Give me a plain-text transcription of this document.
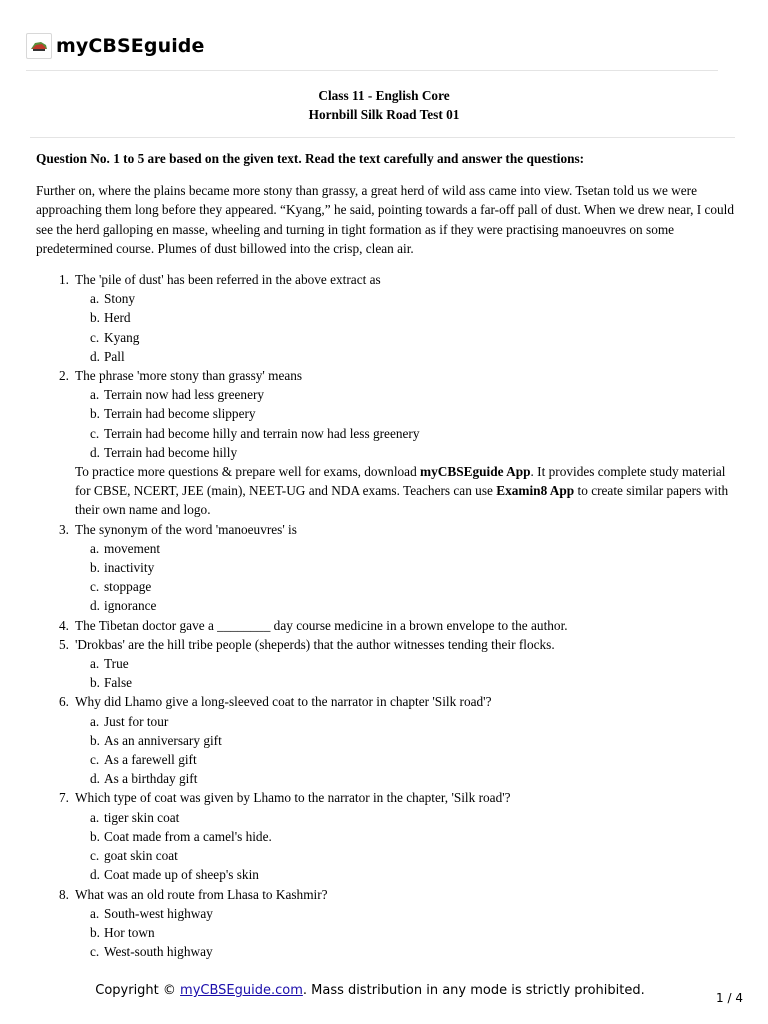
myCBSEguide
Class 11 - English Core
Hornbill Silk Road Test 01
Question No. 1 to 5 are based on the given text. Read the text carefully and answer the questions:
Further on, where the plains became more stony than grassy, a great herd of wild ass came into view. Tsetan told us we were approaching them long before they appeared. “Kyang,” he said, pointing towards a far-off pall of dust. When we drew near, I could see the herd galloping en masse, wheeling and turning in tight formation as if they were practising manoeuvres on some predetermined course. Plumes of dust billowed into the crisp, clean air.
1. The 'pile of dust' has been referred in the above extract as
a. Stony
b. Herd
c. Kyang
d. Pall
2. The phrase 'more stony than grassy' means
a. Terrain now had less greenery
b. Terrain had become slippery
c. Terrain had become hilly and terrain now had less greenery
d. Terrain had become hilly
To practice more questions & prepare well for exams, download myCBSEguide App. It provides complete study material for CBSE, NCERT, JEE (main), NEET-UG and NDA exams. Teachers can use Examin8 App to create similar papers with their own name and logo.
3. The synonym of the word 'manoeuvres' is
a. movement
b. inactivity
c. stoppage
d. ignorance
4. The Tibetan doctor gave a ________ day course medicine in a brown envelope to the author.
5. 'Drokbas' are the hill tribe people (sheperds) that the author witnesses tending their flocks.
a. True
b. False
6. Why did Lhamo give a long-sleeved coat to the narrator in chapter 'Silk road'?
a. Just for tour
b. As an anniversary gift
c. As a farewell gift
d. As a birthday gift
7. Which type of coat was given by Lhamo to the narrator in the chapter, 'Silk road'?
a. tiger skin coat
b. Coat made from a camel's hide.
c. goat skin coat
d. Coat made up of sheep's skin
8. What was an old route from Lhasa to Kashmir?
a. South-west highway
b. Hor town
c. West-south highway
Copyright © myCBSEguide.com. Mass distribution in any mode is strictly prohibited.	1 / 4
